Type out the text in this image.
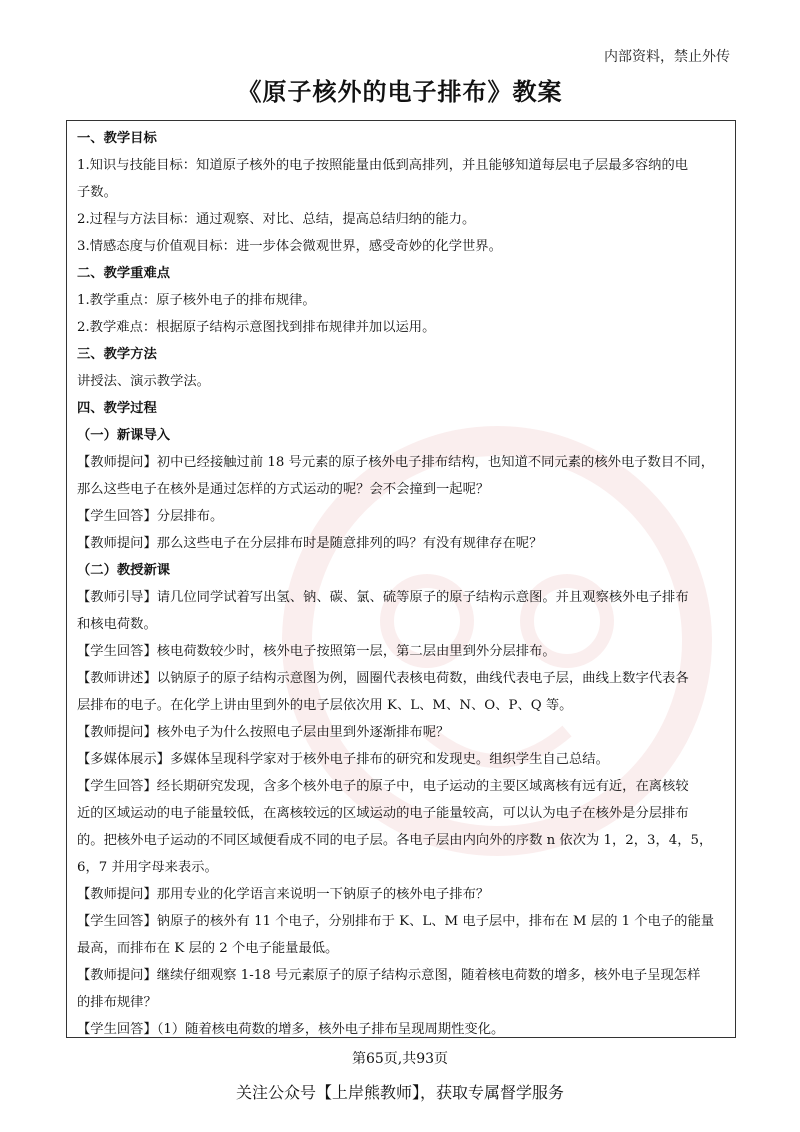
内部资料，禁止外传
《原子核外的电子排布》教案

一、教学目标

1.知识与技能目标：知道原子核外的电子按照能量由低到高排列，并且能够知道每层电子层最多容纳的电

子数。

2.过程与方法目标：通过观察、对比、总结，提高总结归纳的能力。

3.情感态度与价值观目标：进一步体会微观世界，感受奇妙的化学世界。

二、教学重难点

1.教学重点：原子核外电子的排布规律。

2.教学难点：根据原子结构示意图找到排布规律并加以运用。

三、教学方法

讲授法、演示教学法。

四、教学过程

（一）新课导入

【教师提问】初中已经接触过前 18 号元素的原子核外电子排布结构，也知道不同元素的核外电子数目不同，

那么这些电子在核外是通过怎样的方式运动的呢？会不会撞到一起呢？

【学生回答】分层排布。

【教师提问】那么这些电子在分层排布时是随意排列的吗？有没有规律存在呢？

（二）教授新课

【教师引导】请几位同学试着写出氢、钠、碳、氯、硫等原子的原子结构示意图。并且观察核外电子排布

和核电荷数。

【学生回答】核电荷数较少时，核外电子按照第一层，第二层由里到外分层排布。

【教师讲述】以钠原子的原子结构示意图为例，圆圈代表核电荷数，曲线代表电子层，曲线上数字代表各

层排布的电子。在化学上讲由里到外的电子层依次用 K、L、M、N、O、P、Q 等。

【教师提问】核外电子为什么按照电子层由里到外逐渐排布呢？

【多媒体展示】多媒体呈现科学家对于核外电子排布的研究和发现史。组织学生自己总结。

【学生回答】经长期研究发现，含多个核外电子的原子中，电子运动的主要区域离核有远有近，在离核较

近的区域运动的电子能量较低，在离核较远的区域运动的电子能量较高，可以认为电子在核外是分层排布

的。把核外电子运动的不同区域便看成不同的电子层。各电子层由内向外的序数 n 依次为 1，2，3，4，5，

6，7 并用字母来表示。

【教师提问】那用专业的化学语言来说明一下钠原子的核外电子排布？

【学生回答】钠原子的核外有 11 个电子，分别排布于 K、L、M 电子层中，排布在 M 层的 1 个电子的能量

最高，而排布在 K 层的 2 个电子能量最低。

【教师提问】继续仔细观察 1-18 号元素原子的原子结构示意图，随着核电荷数的增多，核外电子呈现怎样

的排布规律？

【学生回答】（1）随着核电荷数的增多，核外电子排布呈现周期性变化。

第65页,共93页
关注公众号【上岸熊教师】，获取专属督学服务
